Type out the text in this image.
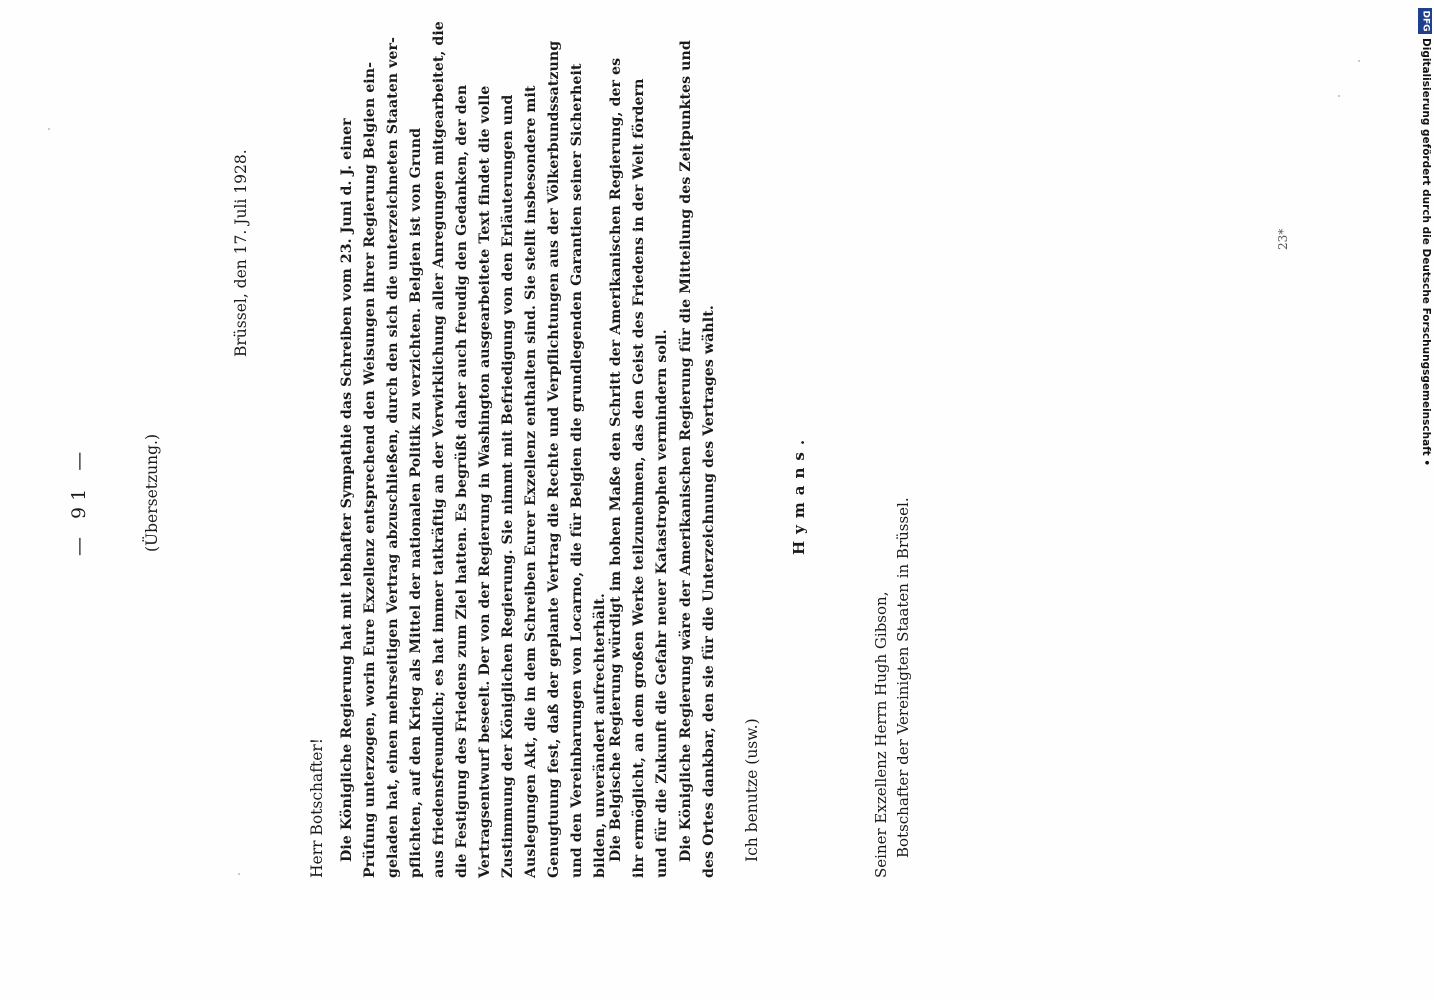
— 91 —	(Übersetzung.)
Brüssel, den 17. Juli 1928.
Herr Botschafter! Die Königliche Regierung hat mit lebhafter Sympathie das Schreiben vom 23. Juni d. J. einer Prüfung unterzogen, worin Eure Exzellenz entsprechend den Weisungen ihrer Regierung Belgien ein- geladen hat, einen mehrseitigen Vertrag abzuschließen, durch den sich die unterzeichneten Staaten ver- pflichten, auf den Krieg als Mittel der nationalen Politik zu verzichten. Belgien ist von Grund aus friedensfreundlich; es hat immer tatkräftig an der Verwirklichung aller Anregungen mitgearbeitet, die die Festigung des Friedens zum Ziel hatten. Es begrüßt daher auch freudig den Gedanken, der den Vertragsentwurf beseelt. Der von der Regierung in Washington ausgearbeitete Text findet die volle Zustimmung der Königlichen Regierung. Sie nimmt mit Befriedigung von den Erläuterungen und Auslegungen Akt, die in dem Schreiben Eurer Exzellenz enthalten sind. Sie stellt insbesondere mit Genugtuung fest, daß der geplante Vertrag die Rechte und Verpflichtungen aus der Völkerbundssatzung und den Vereinbarungen von Locarno, die für Belgien die grundlegenden Garantien seiner Sicherheit bilden, unverändert aufrechterhält. Die Belgische Regierung würdigt im hohen Maße den Schritt der Amerikanischen Regierung, der es ihr ermöglicht, an dem großen Werke teilzunehmen, das den Geist des Friedens in der Welt fördern und für die Zukunft die Gefahr neuer Katastrophen vermindern soll. Die Königliche Regierung wäre der Amerikanischen Regierung für die Mitteilung des Zeitpunktes und des Ortes dankbar, den sie für die Unterzeichnung des Vertrages wählt. Ich benutze (usw.)
Hymans.
Seiner Exzellenz Herrn Hugh Gibson, Botschafter der Vereinigten Staaten in Brüssel.
23*
DFG
Digitalisierung gefördert durch die Deutsche Forschungsgemeinschaft •
